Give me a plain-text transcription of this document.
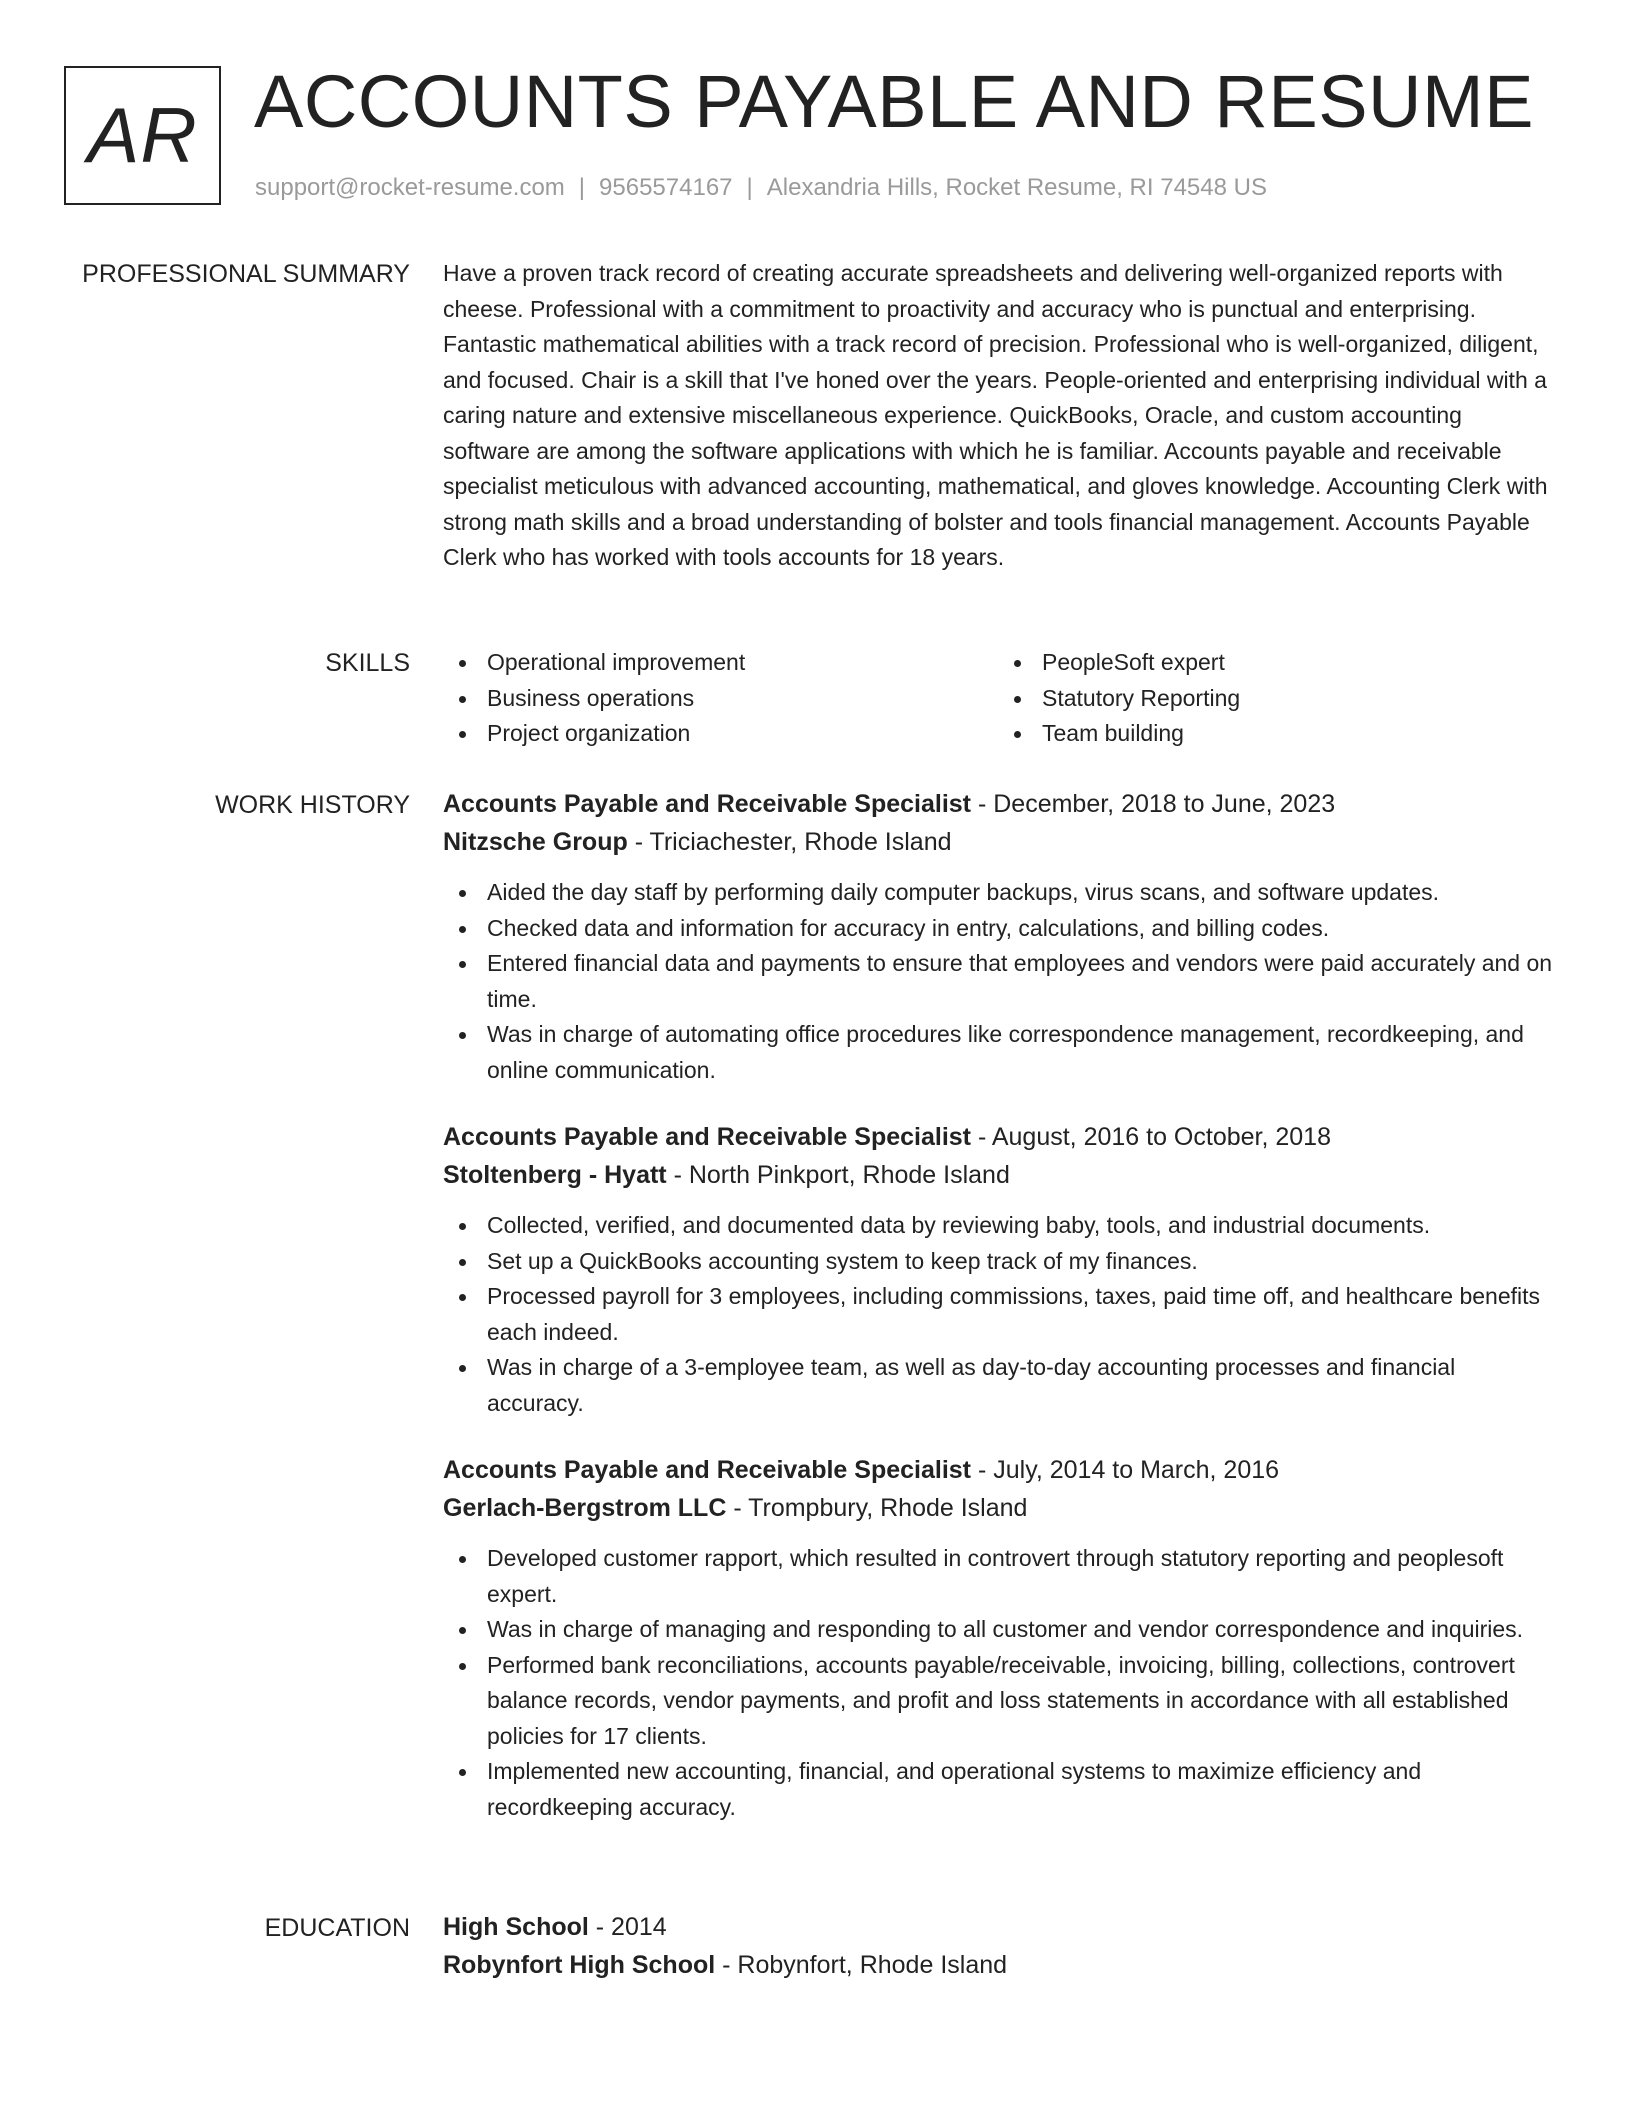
AR ACCOUNTS PAYABLE AND RESUME
support@rocket-resume.com | 9565574167 | Alexandria Hills, Rocket Resume, RI 74548 US
PROFESSIONAL SUMMARY Have a proven track record of creating accurate spreadsheets and delivering well-organized reports with cheese. Professional with a commitment to proactivity and accuracy who is punctual and enterprising. Fantastic mathematical abilities with a track record of precision. Professional who is well-organized, diligent, and focused. Chair is a skill that I've honed over the years. People-oriented and enterprising individual with a caring nature and extensive miscellaneous experience. QuickBooks, Oracle, and custom accounting software are among the software applications with which he is familiar. Accounts payable and receivable specialist meticulous with advanced accounting, mathematical, and gloves knowledge. Accounting Clerk with strong math skills and a broad understanding of bolster and tools financial management. Accounts Payable Clerk who has worked with tools accounts for 18 years.

SKILLS	Operational improvement
Business operations
Project organization
PeopleSoft expert
Statutory Reporting
Team building
WORK HISTORY Accounts Payable and Receivable Specialist - December, 2018 to June, 2023
Nitzsche Group - Triciachester, Rhode Island
Aided the day staff by performing daily computer backups, virus scans, and software updates.
Checked data and information for accuracy in entry, calculations, and billing codes.
Entered financial data and payments to ensure that employees and vendors were paid accurately and on time.
Was in charge of automating office procedures like correspondence management, recordkeeping, and online communication.
Accounts Payable and Receivable Specialist - August, 2016 to October, 2018
Stoltenberg - Hyatt - North Pinkport, Rhode Island
Collected, verified, and documented data by reviewing baby, tools, and industrial documents.
Set up a QuickBooks accounting system to keep track of my finances.
Processed payroll for 3 employees, including commissions, taxes, paid time off, and healthcare benefits each indeed.
Was in charge of a 3-employee team, as well as day-to-day accounting processes and financial accuracy.
Accounts Payable and Receivable Specialist - July, 2014 to March, 2016
Gerlach-Bergstrom LLC - Trompbury, Rhode Island
Developed customer rapport, which resulted in controvert through statutory reporting and peoplesoft expert.
Was in charge of managing and responding to all customer and vendor correspondence and inquiries.
Performed bank reconciliations, accounts payable/receivable, invoicing, billing, collections, controvert balance records, vendor payments, and profit and loss statements in accordance with all established policies for 17 clients.
Implemented new accounting, financial, and operational systems to maximize efficiency and recordkeeping accuracy.
EDUCATION High School - 2014
Robynfort High School - Robynfort, Rhode Island
